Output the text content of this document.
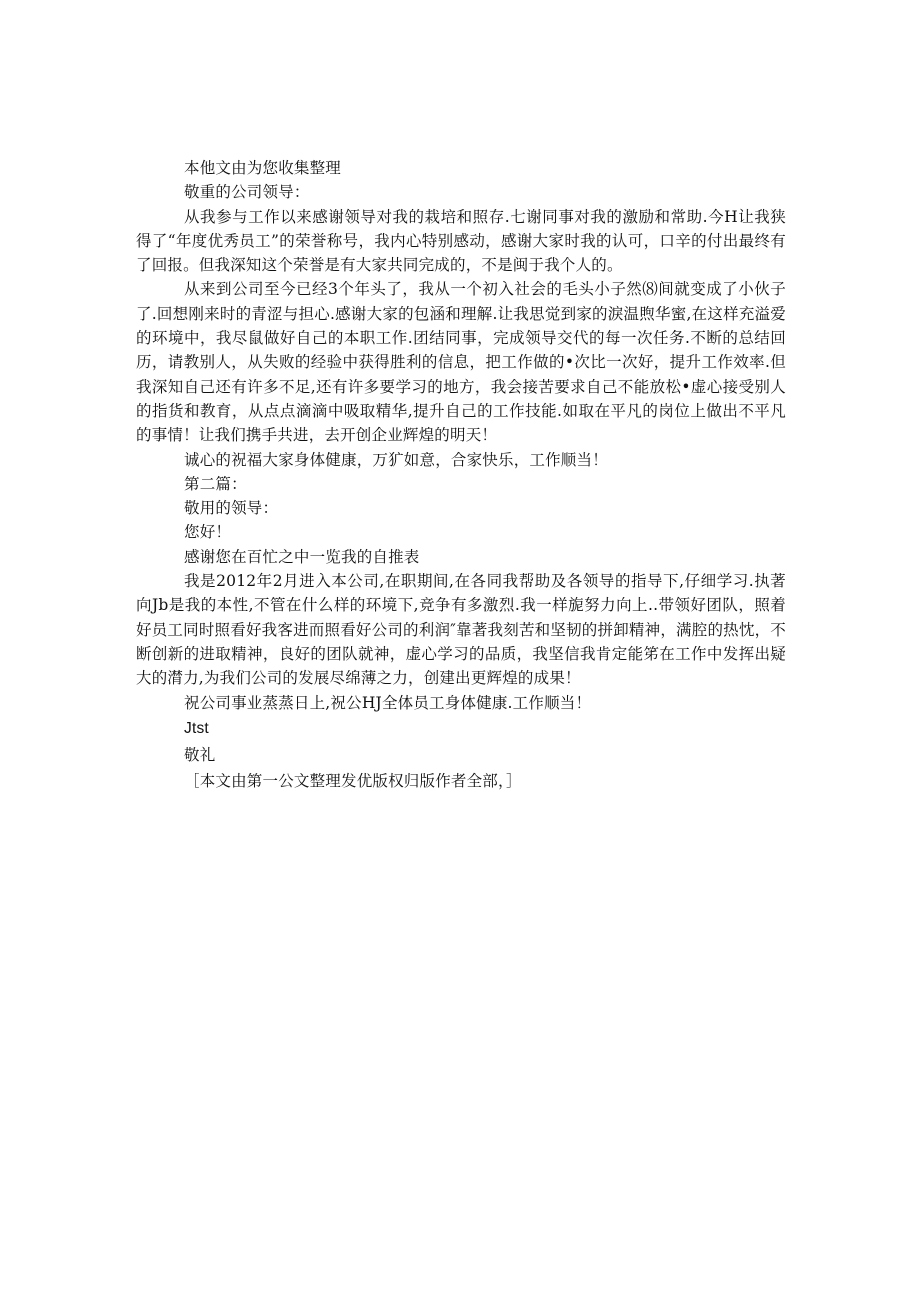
本他文由为您收集整理

敬重的公司领导：

从我参与工作以来感谢领导对我的栽培和照存.七谢同事对我的激励和常助.今H让我狭得了“年度优秀员工”的荣誉称号，我内心特别感动，感谢大家时我的认可，口辛的付出最终有了回报。但我深知这个荣誉是有大家共同完成的，不是闽于我个人的。

从来到公司至今已经3个年头了，我从一个初入社会的毛头小子然⑻间就变成了小伙子了.回想刚来时的青涩与担心.感谢大家的包涵和理解.让我思觉到家的淚温煦华蜜,在这样充溢爱的环境中，我尽鼠做好自己的本职工作.团结同事，完成领导交代的每一次任务.不断的总结回历，请教别人，从失败的经验中获得胜利的信息，把工作做的•次比一次好，提升工作效率.但我深知自己还有许多不足,还有许多要学习的地方，我会接苦要求自己不能放松•虚心接受别人的指货和教育，从点点滴滴中吸取精华,提升自己的工作技能.如取在平凡的岗位上做出不平凡的事情！让我们携手共进，去开创企业辉煌的明天！

诚心的祝福大家身体健康，万犷如意，合家快乐，工作顺当！

第二篇：

敬用的领导：

您好！

感谢您在百忙之中一览我的自推表

我是2012年2月进入本公司,在职期间,在各同我帮助及各领导的指导下,仔细学习.执著向Jb是我的本性,不管在什么样的环境下,竞争有多激烈.我一样旎努力向上..带领好团队，照着好员工同时照看好我客进而照看好公司的利润″靠著我刻苦和坚韧的拼卸精神，满腔的热忱，不断创新的进取精神，良好的团队就神，虚心学习的品质，我坚信我肯定能笫在工作中发挥出疑大的潸力,为我们公司的发展尽绵薄之力，创建出更辉煌的成果！

祝公司事业蒸蒸日上,祝公HJ全体员工身体健康.工作顺当！

Jtst

敬礼

［本文由第一公文整理发优版权归版作者全部，］
